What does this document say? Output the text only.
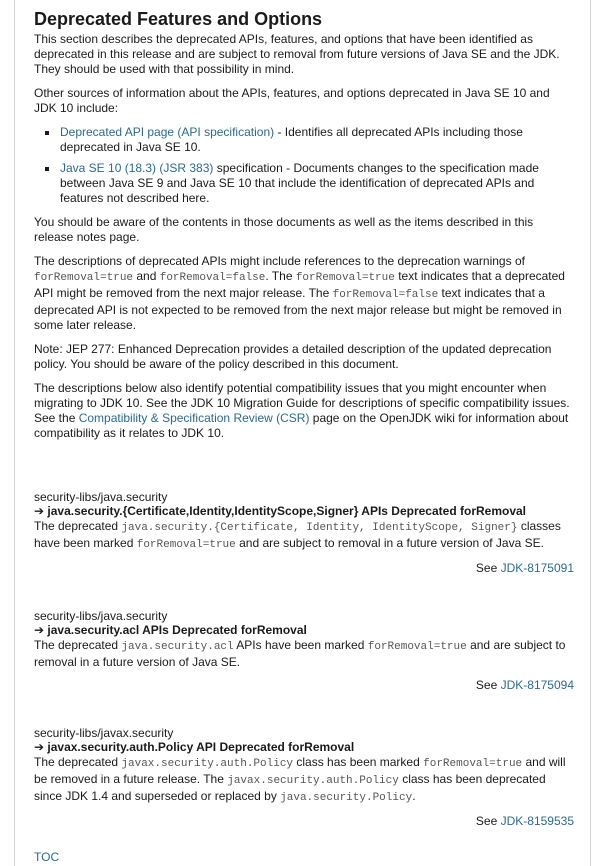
Deprecated Features and Options

This section describes the deprecated APIs, features, and options that have been identified as deprecated in this release and are subject to removal from future versions of Java SE and the JDK. They should be used with that possibility in mind.

Other sources of information about the APIs, features, and options deprecated in Java SE 10 and JDK 10 include:

Deprecated API page (API specification) - Identifies all deprecated APIs including those deprecated in Java SE 10.
Java SE 10 (18.3) (JSR 383) specification - Documents changes to the specification made between Java SE 9 and Java SE 10 that include the identification of deprecated APIs and features not described here.

You should be aware of the contents in those documents as well as the items described in this release notes page.

The descriptions of deprecated APIs might include references to the deprecation warnings of forRemoval=true and forRemoval=false. The forRemoval=true text indicates that a deprecated API might be removed from the next major release. The forRemoval=false text indicates that a deprecated API is not expected to be removed from the next major release but might be removed in some later release.

Note: JEP 277: Enhanced Deprecation provides a detailed description of the updated deprecation policy. You should be aware of the policy described in this document.

The descriptions below also identify potential compatibility issues that you might encounter when migrating to JDK 10. See the JDK 10 Migration Guide for descriptions of specific compatibility issues. See the Compatibility & Specification Review (CSR) page on the OpenJDK wiki for information about compatibility as it relates to JDK 10.

security-libs/java.security
➔ java.security.{Certificate,Identity,IdentityScope,Signer} APIs Deprecated forRemoval

The deprecated java.security.{Certificate, Identity, IdentityScope, Signer} classes have been marked forRemoval=true and are subject to removal in a future version of Java SE.

See JDK-8175091

security-libs/java.security
➔ java.security.acl APIs Deprecated forRemoval

The deprecated java.security.acl APIs have been marked forRemoval=true and are subject to removal in a future version of Java SE.

See JDK-8175094

security-libs/javax.security
➔ javax.security.auth.Policy API Deprecated forRemoval

The deprecated javax.security.auth.Policy class has been marked forRemoval=true and will be removed in a future release. The javax.security.auth.Policy class has been deprecated since JDK 1.4 and superseded or replaced by java.security.Policy.

See JDK-8159535

TOC
